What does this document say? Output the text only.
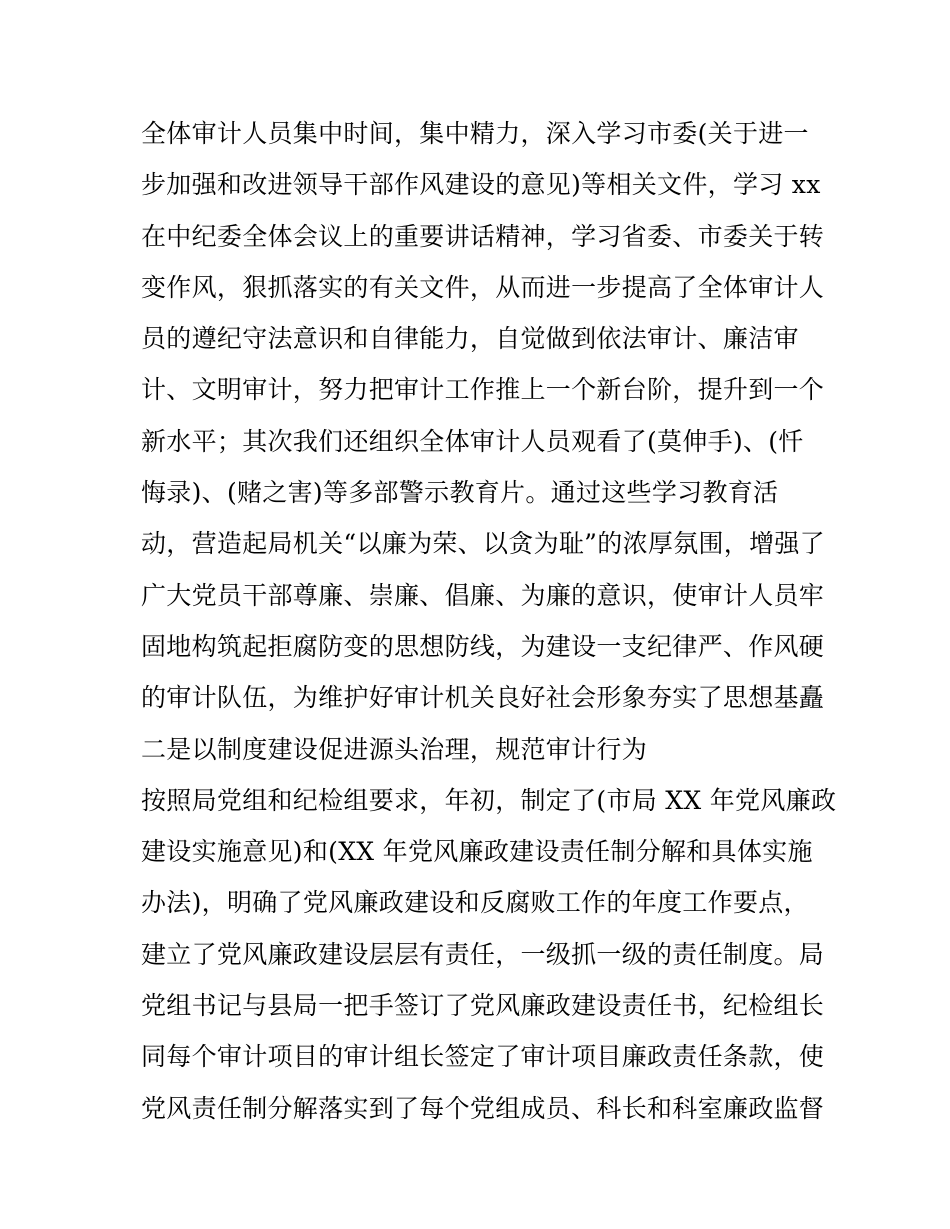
全体审计人员集中时间，集中精力，深入学习市委(关于进一
步加强和改进领导干部作风建设的意见)等相关文件，学习 xx
在中纪委全体会议上的重要讲话精神，学习省委、市委关于转
变作风，狠抓落实的有关文件，从而进一步提高了全体审计人
员的遵纪守法意识和自律能力，自觉做到依法审计、廉洁审
计、文明审计，努力把审计工作推上一个新台阶，提升到一个
新水平；其次我们还组织全体审计人员观看了(莫伸手)、(忏
悔录)、(赌之害)等多部警示教育片。通过这些学习教育活
动，营造起局机关“以廉为荣、以贪为耻”的浓厚氛围，增强了
广大党员干部尊廉、崇廉、倡廉、为廉的意识，使审计人员牢
固地构筑起拒腐防变的思想防线，为建设一支纪律严、作风硬
的审计队伍，为维护好审计机关良好社会形象夯实了思想基矗
二是以制度建设促进源头治理，规范审计行为
按照局党组和纪检组要求，年初，制定了(市局 XX 年党风廉政
建设实施意见)和(XX 年党风廉政建设责任制分解和具体实施
办法)，明确了党风廉政建设和反腐败工作的年度工作要点，
建立了党风廉政建设层层有责任，一级抓一级的责任制度。局
党组书记与县局一把手签订了党风廉政建设责任书，纪检组长
同每个审计项目的审计组长签定了审计项目廉政责任条款，使
党风责任制分解落实到了每个党组成员、科长和科室廉政监督
